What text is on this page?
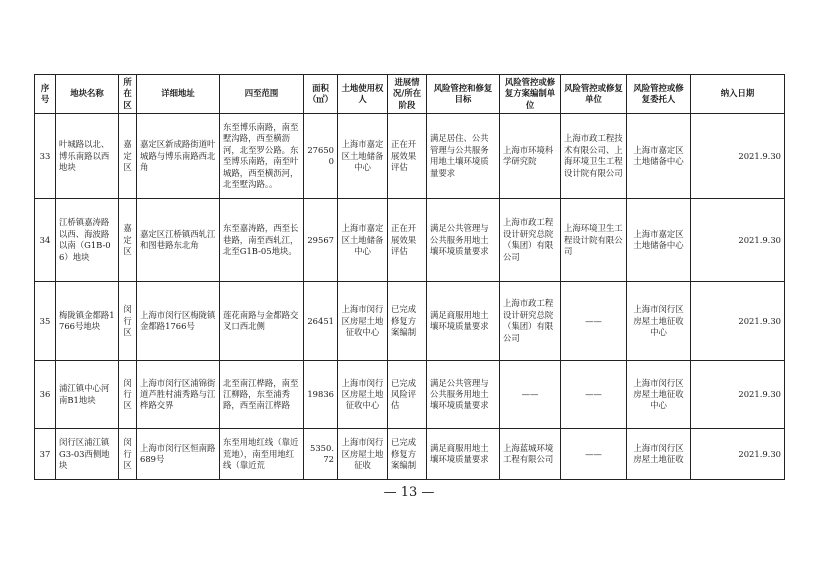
序号	地块名称	所在区	详细地址	四至范围	面积（㎡）	土地使用权人	进展情况/所在阶段	风险管控和修复目标	风险管控或修复方案编制单位	风险管控或修复单位	风险管控或修复委托人	纳入日期
33	叶城路以北、博乐南路以西地块	嘉定区	嘉定区新成路街道叶城路与博乐南路西北角	东至博乐南路，南至墅沟路，西至横沥河，北至罗公路。东至博乐南路，南至叶城路，西至横沥河，北至墅沟路。。	276500	上海市嘉定区土地储备中心	正在开展效果评估	满足居住、公共管理与公共服务用地土壤环境质量要求	上海市环境科学研究院	上海市政工程技术有限公司、上海环境卫生工程设计院有限公司	上海市嘉定区土地储备中心	2021.9.30
34	江桥镇嘉涛路以西、海波路以南（G1B-06）地块	嘉定区	嘉定区江桥镇西轧江和图巷路东北角	东至嘉涛路，西至长巷路，南至西轧江，北至G1B-05地块。	29567	上海市嘉定区土地储备中心	正在开展效果评估	满足公共管理与公共服务用地土壤环境质量要求	上海市政工程设计研究总院（集团）有限公司	上海环境卫生工程设计院有限公司	上海市嘉定区土地储备中心	2021.9.30
35	梅陇镇金都路1766号地块	闵行区	上海市闵行区梅陇镇金都路1766号	莲花南路与金都路交叉口西北侧	26451	上海市闵行区房屋土地征收中心	已完成修复方案编制	满足商服用地土壤环境质量要求	上海市政工程设计研究总院（集团）有限公司	——	上海市闵行区房屋土地征收中心	2021.9.30
36	浦江镇中心河南B1地块	闵行区	上海市闵行区浦锦街道芦胜村浦秀路与江桦路交界	北至南江桦路，南至江柳路，东至浦秀路，西至南江桦路	19836	上海市闵行区房屋土地征收中心	已完成风险评估	满足公共管理与公共服务用地土壤环境质量要求	——	——	上海市闵行区房屋土地征收中心	2021.9.30
37	闵行区浦江镇G3-03西侧地块	闵行区	上海市闵行区恒南路689号	东至用地红线（靠近荒地），南至用地红线（靠近荒	5350.72	上海市闵行区房屋土地征收	已完成修复方案编制	满足商服用地土壤环境质量要求	上海蓝城环境工程有限公司	——	上海市闵行区房屋土地征收	2021.9.30
— 13 —
